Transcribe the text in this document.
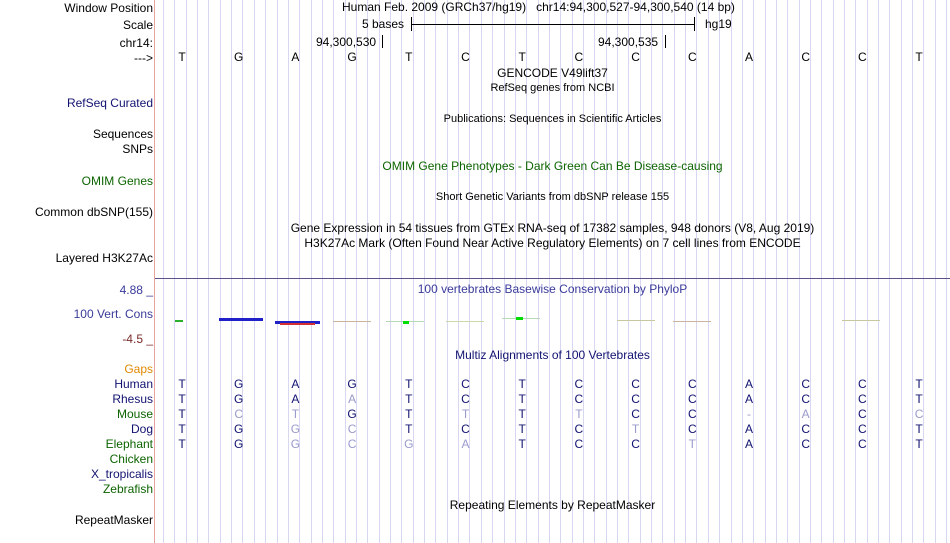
Window Position	Human Feb. 2009 (GRCh37/hg19)   chr14:94,300,527-94,300,540 (14 bp)
Scale	5 bases	hg19
chr14:	94,300,530	94,300,535
--->	T	G	A	G	T	C	T	C	C	C	A	C	C	T
GENCODE V49lift37
RefSeq genes from NCBI
RefSeq Curated
Publications: Sequences in Scientific Articles
Sequences
SNPs
OMIM Gene Phenotypes - Dark Green Can Be Disease-causing
OMIM Genes
Short Genetic Variants from dbSNP release 155
Common dbSNP(155)
Gene Expression in 54 tissues from GTEx RNA-seq of 17382 samples, 948 donors (V8, Aug 2019)
H3K27Ac Mark (Often Found Near Active Regulatory Elements) on 7 cell lines from ENCODE
Layered H3K27Ac
4.88 _	100 vertebrates Basewise Conservation by PhyloP
100 Vert. Cons
-4.5 _
Multiz Alignments of 100 Vertebrates
Gaps
Human	T	G	A	G	T	C	T	C	C	C	A	C	C	T
Rhesus	T	G	A	A	T	C	T	C	C	C	A	C	C	T
Mouse	T	C	T	G	T	T	T	T	C	C	-	A	C	C
Dog	T	G	G	C	T	C	T	C	T	C	A	C	C	T
Elephant	T	G	G	C	G	A	T	C	C	T	A	C	C	T
Chicken
X_tropicalis
Zebrafish
Repeating Elements by RepeatMasker
RepeatMasker
